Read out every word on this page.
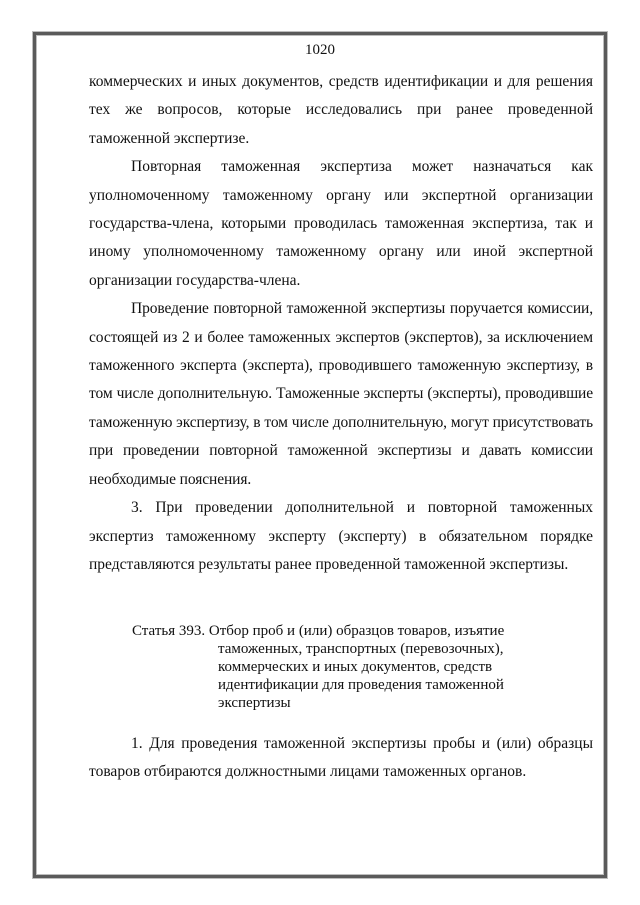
1020

коммерческих и иных документов, средств идентификации и для решения тех же вопросов, которые исследовались при ранее проведенной таможенной экспертизе.

Повторная таможенная экспертиза может назначаться как уполномоченному таможенному органу или экспертной организации государства-члена, которыми проводилась таможенная экспертиза, так и иному уполномоченному таможенному органу или иной экспертной организации государства-члена.

Проведение повторной таможенной экспертизы поручается комиссии, состоящей из 2 и более таможенных экспертов (экспертов), за исключением таможенного эксперта (эксперта), проводившего таможенную экспертизу, в том числе дополнительную. Таможенные эксперты (эксперты), проводившие таможенную экспертизу, в том числе дополнительную, могут присутствовать при проведении повторной таможенной экспертизы и давать комиссии необходимые пояснения.

3. При проведении дополнительной и повторной таможенных экспертиз таможенному эксперту (эксперту) в обязательном порядке представляются результаты ранее проведенной таможенной экспертизы.

Статья 393. Отбор проб и (или) образцов товаров, изъятие таможенных, транспортных (перевозочных), коммерческих и иных документов, средств идентификации для проведения таможенной экспертизы

1. Для проведения таможенной экспертизы пробы и (или) образцы товаров отбираются должностными лицами таможенных органов.
